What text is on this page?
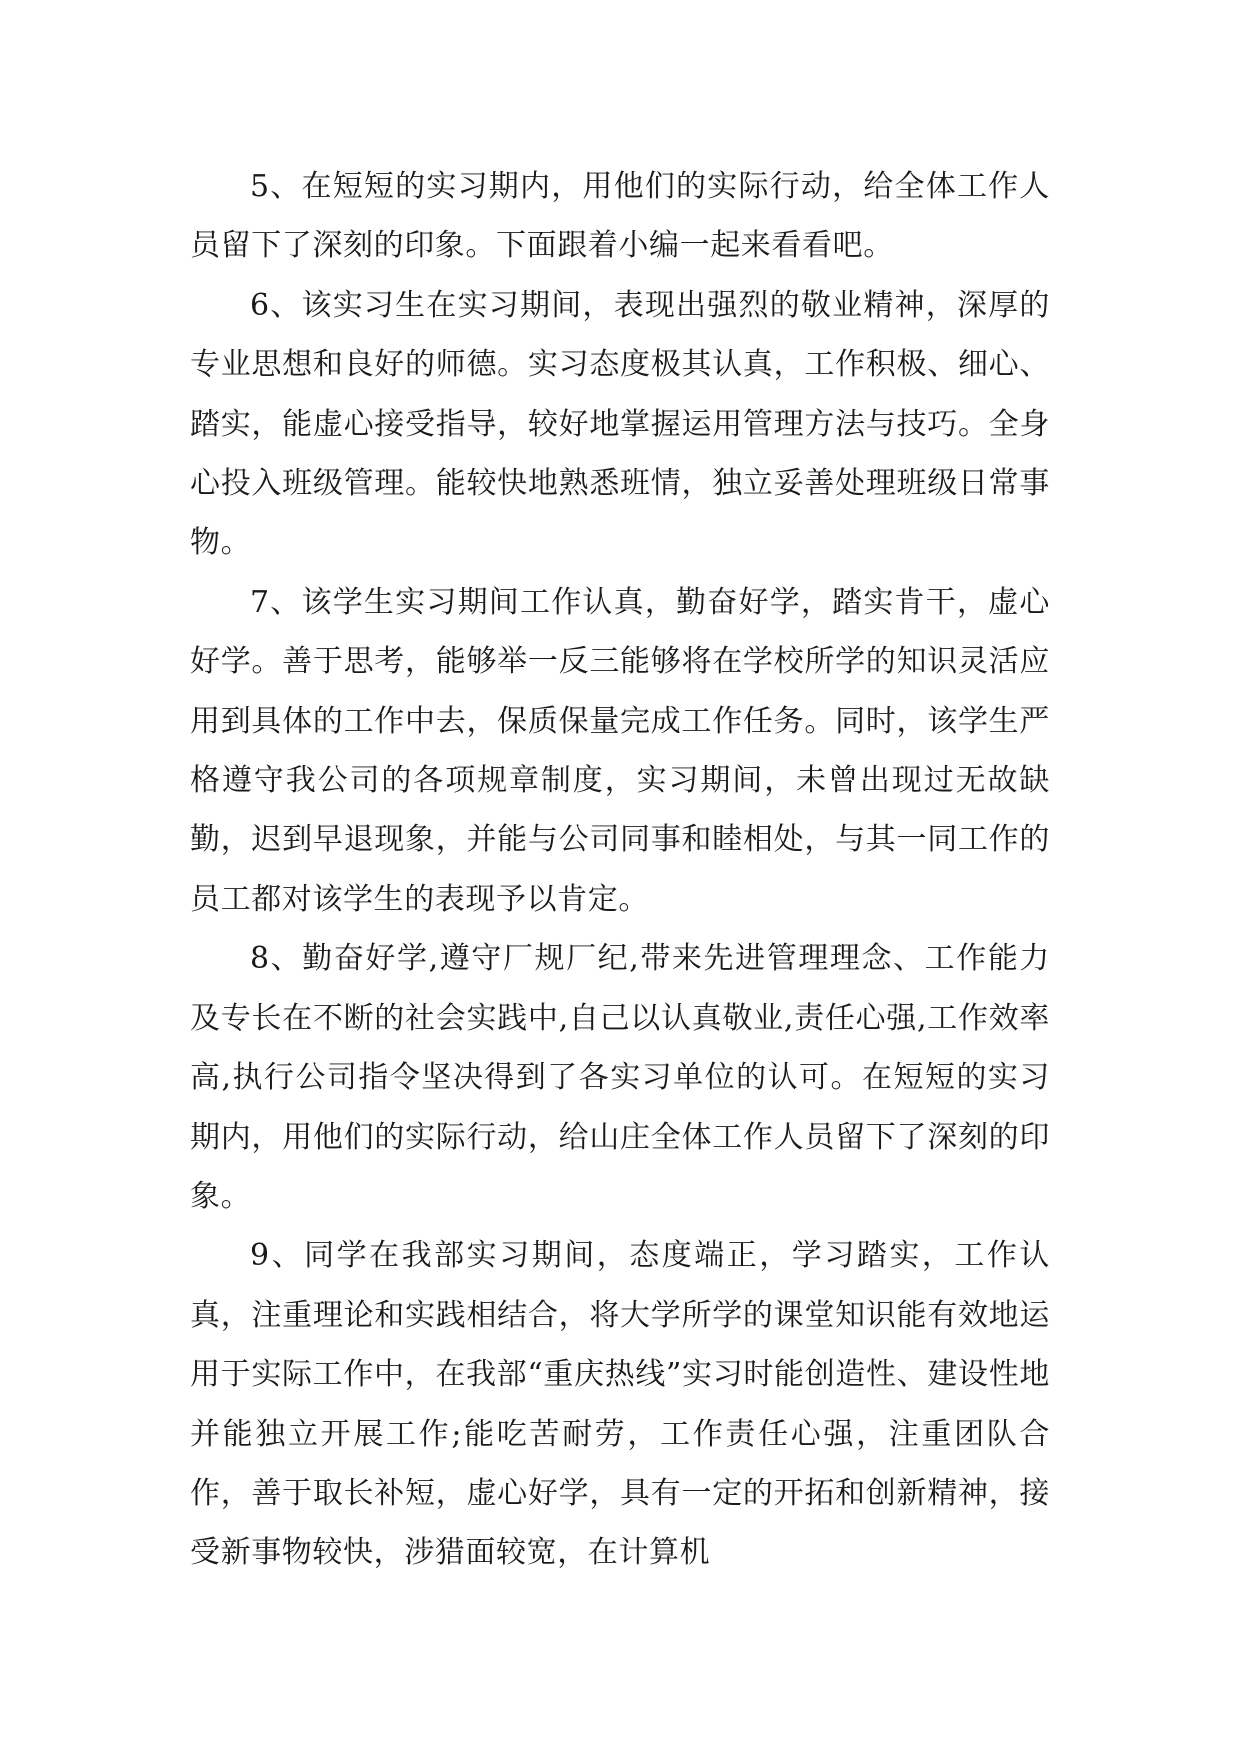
5、在短短的实习期内，用他们的实际行动，给全体工作人员留下了深刻的印象。下面跟着小编一起来看看吧。

6、该实习生在实习期间，表现出强烈的敬业精神，深厚的专业思想和良好的师德。实习态度极其认真，工作积极、细心、踏实，能虚心接受指导，较好地掌握运用管理方法与技巧。全身心投入班级管理。能较快地熟悉班情，独立妥善处理班级日常事物。

7、该学生实习期间工作认真，勤奋好学，踏实肯干，虚心好学。善于思考，能够举一反三能够将在学校所学的知识灵活应用到具体的工作中去，保质保量完成工作任务。同时，该学生严格遵守我公司的各项规章制度，实习期间，未曾出现过无故缺勤，迟到早退现象，并能与公司同事和睦相处，与其一同工作的员工都对该学生的表现予以肯定。

8、勤奋好学,遵守厂规厂纪,带来先进管理理念、工作能力及专长在不断的社会实践中,自己以认真敬业,责任心强,工作效率高,执行公司指令坚决得到了各实习单位的认可。在短短的实习期内，用他们的实际行动，给山庄全体工作人员留下了深刻的印象。

9、同学在我部实习期间，态度端正，学习踏实，工作认真，注重理论和实践相结合，将大学所学的课堂知识能有效地运用于实际工作中，在我部“重庆热线”实习时能创造性、建设性地并能独立开展工作;能吃苦耐劳，工作责任心强，注重团队合作，善于取长补短，虚心好学，具有一定的开拓和创新精神，接受新事物较快，涉猎面较宽，在计算机
